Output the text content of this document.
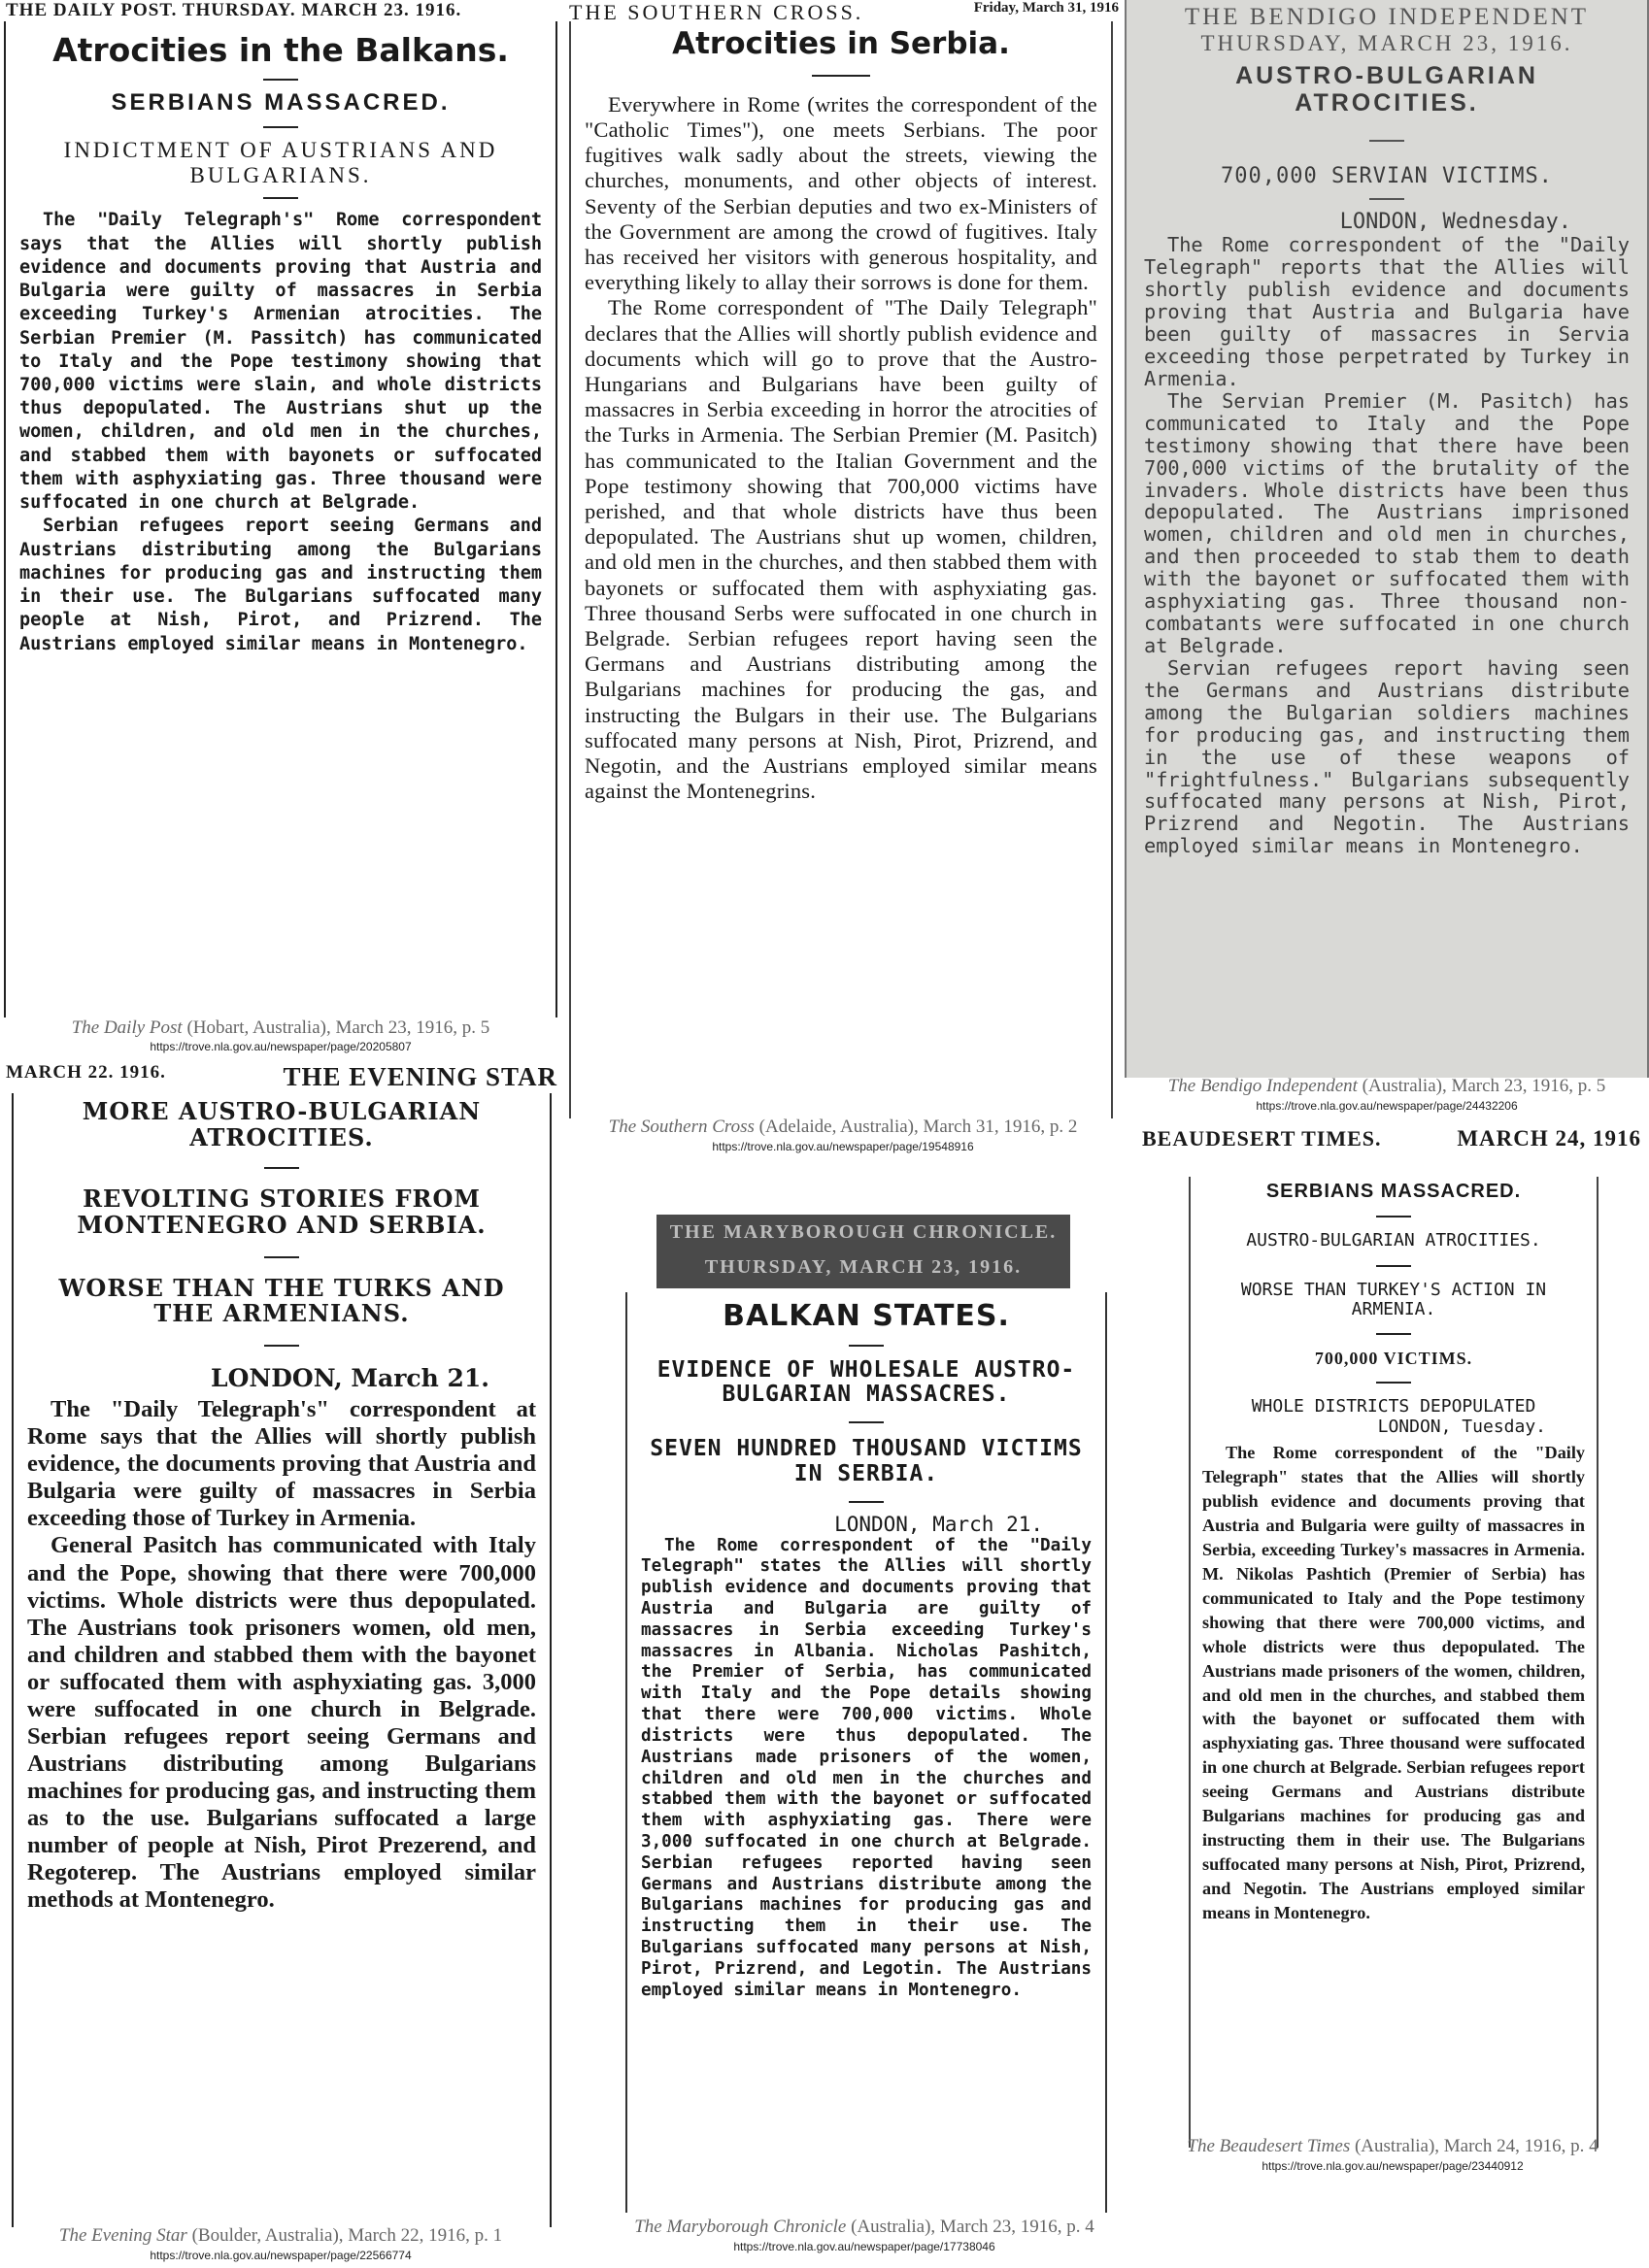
THE DAILY POST. THURSDAY. MARCH 23. 1916.
Atrocities in the Balkans.
SERBIANS MASSACRED.
INDICTMENT OF AUSTRIANS AND BULGARIANS.

The "Daily Telegraph's" Rome correspondent says that the Allies will shortly publish evidence and documents proving that Austria and Bulgaria were guilty of massacres in Serbia exceeding Turkey's Armenian atrocities. The Serbian Premier (M. Passitch) has communicated to Italy and the Pope testimony showing that 700,000 victims were slain, and whole districts thus depopulated. The Austrians shut up the women, children, and old men in the churches, and stabbed them with bayonets or suffocated them with asphyxiating gas. Three thousand were suffocated in one church at Belgrade.

Serbian refugees report seeing Germans and Austrians distributing among the Bulgarians machines for producing gas and instructing them in their use. The Bulgarians suffocated many people at Nish, Pirot, and Prizrend. The Austrians employed similar means in Montenegro.

The Daily Post (Hobart, Australia), March 23, 1916, p. 5
https://trove.nla.gov.au/newspaper/page/20205807
THE SOUTHERN CROSS.	Friday, March 31, 1916
Atrocities in Serbia.

Everywhere in Rome (writes the correspondent of the "Catholic Times"), one meets Serbians. The poor fugitives walk sadly about the streets, viewing the churches, monuments, and other objects of interest. Seventy of the Serbian deputies and two ex-Ministers of the Government are among the crowd of fugitives. Italy has received her visitors with generous hospitality, and everything likely to allay their sorrows is done for them.

The Rome correspondent of "The Daily Telegraph" declares that the Allies will shortly publish evidence and documents which will go to prove that the Austro-Hungarians and Bulgarians have been guilty of massacres in Serbia exceeding in horror the atrocities of the Turks in Armenia. The Serbian Premier (M. Pasitch) has communicated to the Italian Government and the Pope testimony showing that 700,000 victims have perished, and that whole districts have thus been depopulated. The Austrians shut up women, children, and old men in the churches, and then stabbed them with bayonets or suffocated them with asphyxiating gas. Three thousand Serbs were suffocated in one church in Belgrade. Serbian refugees report having seen the Germans and Austrians distributing among the Bulgarians machines for producing the gas, and instructing the Bulgars in their use. The Bulgarians suffocated many persons at Nish, Pirot, Prizrend, and Negotin, and the Austrians employed similar means against the Montenegrins.

The Southern Cross (Adelaide, Australia), March 31, 1916, p. 2
https://trove.nla.gov.au/newspaper/page/19548916
THE BENDIGO INDEPENDENT
THURSDAY, MARCH 23, 1916.
AUSTRO-BULGARIAN ATROCITIES.
700,000 SERVIAN VICTIMS.
LONDON, Wednesday.

The Rome correspondent of the "Daily Telegraph" reports that the Allies will shortly publish evidence and documents proving that Austria and Bulgaria have been guilty of massacres in Servia exceeding those perpetrated by Turkey in Armenia.

The Servian Premier (M. Pasitch) has communicated to Italy and the Pope testimony showing that there have been 700,000 victims of the brutality of the invaders. Whole districts have been thus depopulated. The Austrians imprisoned women, children and old men in churches, and then proceeded to stab them to death with the bayonet or suffocated them with asphyxiating gas. Three thousand non-combatants were suffocated in one church at Belgrade.

Servian refugees report having seen the Germans and Austrians distribute among the Bulgarian soldiers machines for producing gas, and instructing them in the use of these weapons of "frightfulness." Bulgarians subsequently suffocated many persons at Nish, Pirot, Prizrend and Negotin. The Austrians employed similar means in Montenegro.

The Bendigo Independent (Australia), March 23, 1916, p. 5
https://trove.nla.gov.au/newspaper/page/24432206
MARCH 22. 1916.	THE EVENING STAR
MORE AUSTRO-BULGARIAN ATROCITIES.
REVOLTING STORIES FROM MONTENEGRO AND SERBIA.
WORSE THAN THE TURKS AND THE ARMENIANS.
LONDON, March 21.

The "Daily Telegraph's" correspondent at Rome says that the Allies will shortly publish evidence, the documents proving that Austria and Bulgaria were guilty of massacres in Serbia exceeding those of Turkey in Armenia.

General Pasitch has communicated with Italy and the Pope, showing that there were 700,000 victims. Whole districts were thus depopulated. The Austrians took prisoners women, old men, and children and stabbed them with the bayonet or suffocated them with asphyxiating gas. 3,000 were suffocated in one church in Belgrade. Serbian refugees report seeing Germans and Austrians distributing among Bulgarians machines for producing gas, and instructing them as to the use. Bulgarians suffocated a large number of people at Nish, Pirot Prezerend, and Regoterep. The Austrians employed similar methods at Montenegro.

The Evening Star (Boulder, Australia), March 22, 1916, p. 1
https://trove.nla.gov.au/newspaper/page/22566774
THE MARYBOROUGH CHRONICLE.
THURSDAY, MARCH 23, 1916.
BALKAN STATES.
EVIDENCE OF WHOLESALE AUSTRO-BULGARIAN MASSACRES.
SEVEN HUNDRED THOUSAND VICTIMS IN SERBIA.
LONDON, March 21.

The Rome correspondent of the "Daily Telegraph" states the Allies will shortly publish evidence and documents proving that Austria and Bulgaria are guilty of massacres in Serbia exceeding Turkey's massacres in Albania. Nicholas Pashitch, the Premier of Serbia, has communicated with Italy and the Pope details showing that there were 700,000 victims. Whole districts were thus depopulated. The Austrians made prisoners of the women, children and old men in the churches and stabbed them with the bayonet or suffocated them with asphyxiating gas. There were 3,000 suffocated in one church at Belgrade. Serbian refugees reported having seen Germans and Austrians distribute among the Bulgarians machines for producing gas and instructing them in their use. The Bulgarians suffocated many persons at Nish, Pirot, Prizrend, and Legotin. The Austrians employed similar means in Montenegro.

The Maryborough Chronicle (Australia), March 23, 1916, p. 4
https://trove.nla.gov.au/newspaper/page/17738046
BEAUDESERT TIMES.	MARCH 24, 1916
SERBIANS MASSACRED.
AUSTRO-BULGARIAN ATROCITIES.
WORSE THAN TURKEY'S ACTION IN ARMENIA.
700,000 VICTIMS.
WHOLE DISTRICTS DEPOPULATED
LONDON, Tuesday.

The Rome correspondent of the "Daily Telegraph" states that the Allies will shortly publish evidence and documents proving that Austria and Bulgaria were guilty of massacres in Serbia, exceeding Turkey's massacres in Armenia. M. Nikolas Pashtich (Premier of Serbia) has communicated to Italy and the Pope testimony showing that there were 700,000 victims, and whole districts were thus depopulated. The Austrians made prisoners of the women, children, and old men in the churches, and stabbed them with the bayonet or suffocated them with asphyxiating gas. Three thousand were suffocated in one church at Belgrade. Serbian refugees report seeing Germans and Austrians distribute Bulgarians machines for producing gas and instructing them in their use. The Bulgarians suffocated many persons at Nish, Pirot, Prizrend, and Negotin. The Austrians employed similar means in Montenegro.

The Beaudesert Times (Australia), March 24, 1916, p. 4
https://trove.nla.gov.au/newspaper/page/23440912
